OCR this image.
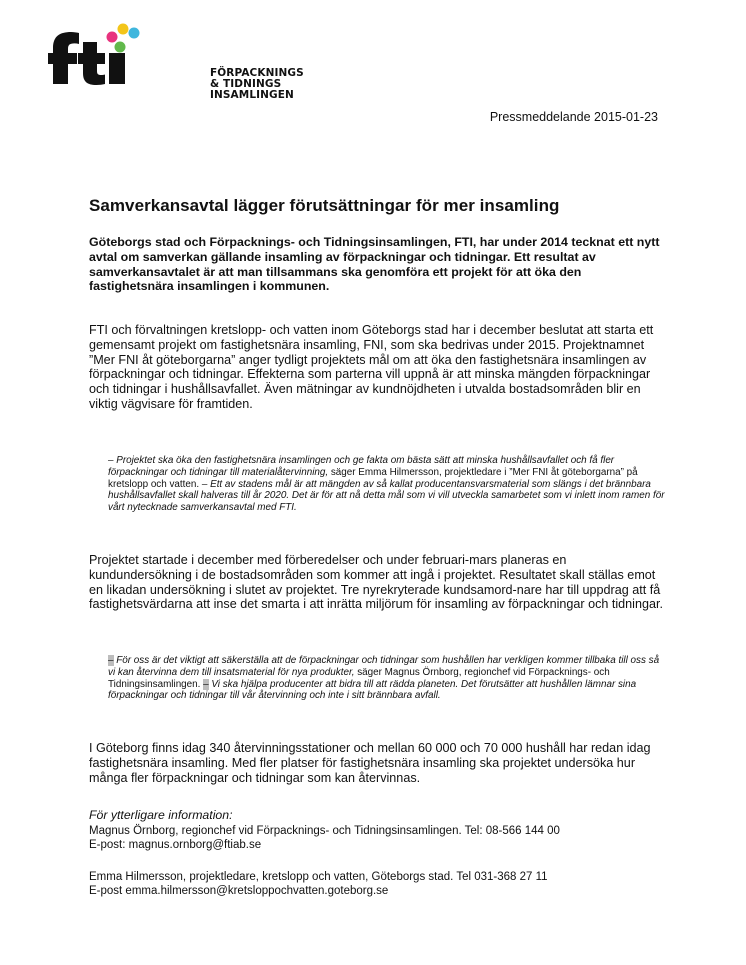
FÖRPACKNINGS
& TIDNINGS
INSAMLINGEN
Pressmeddelande 2015-01-23
Samverkansavtal lägger förutsättningar för mer insamling

Göteborgs stad och Förpacknings- och Tidningsinsamlingen, FTI, har under 2014 tecknat ett nytt avtal om samverkan gällande insamling av förpackningar och tidningar. Ett resultat av samverkansavtalet är att man tillsammans ska genomföra ett projekt för att öka den fastighetsnära insamlingen i kommunen.

FTI och förvaltningen kretslopp- och vatten inom Göteborgs stad har i december beslutat att starta ett gemensamt projekt om fastighetsnära insamling, FNI, som ska bedrivas under 2015. Projektnamnet ”Mer FNI åt göteborgarna” anger tydligt projektets mål om att öka den fastighetsnära insamlingen av förpackningar och tidningar. Effekterna som parterna vill uppnå är att minska mängden förpackningar och tidningar i hushållsavfallet. Även mätningar av kundnöjdheten i utvalda bostadsområden blir en viktig vägvisare för framtiden.

– Projektet ska öka den fastighetsnära insamlingen och ge fakta om bästa sätt att minska hushållsavfallet och få fler förpackningar och tidningar till materialåtervinning, säger Emma Hilmersson, projektledare i ”Mer FNI åt göteborgarna” på kretslopp och vatten. – Ett av stadens mål är att mängden av så kallat producentansvarsmaterial som slängs i det brännbara hushållsavfallet skall halveras till år 2020. Det är för att nå detta mål som vi vill utveckla samarbetet som vi inlett inom ramen för vårt nytecknade samverkansavtal med FTI.

Projektet startade i december med förberedelser och under februari-mars planeras en kundundersökning i de bostadsområden som kommer att ingå i projektet. Resultatet skall ställas emot en likadan undersökning i slutet av projektet. Tre nyrekryterade kundsamord-nare har till uppdrag att få fastighetsvärdarna att inse det smarta i att inrätta miljörum för insamling av förpackningar och tidningar.

– För oss är det viktigt att säkerställa att de förpackningar och tidningar som hushållen har verkligen kommer tillbaka till oss så vi kan återvinna dem till insatsmaterial för nya produkter, säger Magnus Örnborg, regionchef vid Förpacknings- och Tidningsinsamlingen. – Vi ska hjälpa producenter att bidra till att rädda planeten. Det förutsätter att hushållen lämnar sina förpackningar och tidningar till vår återvinning och inte i sitt brännbara avfall.

I Göteborg finns idag 340 återvinningsstationer och mellan 60 000 och 70 000 hushåll har redan idag fastighetsnära insamling. Med fler platser för fastighetsnära insamling ska projektet undersöka hur många fler förpackningar och tidningar som kan återvinnas.

För ytterligare information:

Magnus Örnborg, regionchef vid Förpacknings- och Tidningsinsamlingen. Tel: 08-566 144 00

E-post: magnus.ornborg@ftiab.se

Emma Hilmersson, projektledare, kretslopp och vatten, Göteborgs stad. Tel 031-368 27 11

E-post emma.hilmersson@kretsloppochvatten.goteborg.se
